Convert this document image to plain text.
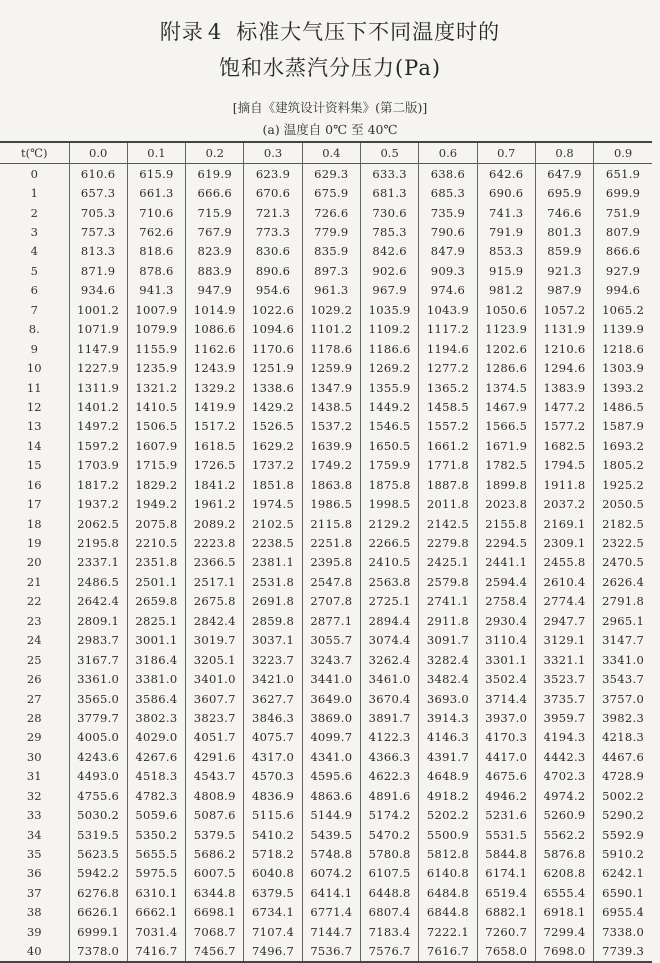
附录 4 标准大气压下不同温度时的
饱和水蒸汽分压力(Pa)
[摘自《建筑设计资料集》(第二版)]
(a) 温度自 0℃ 至 40℃
t(℃)	0.0	0.1	0.2	0.3	0.4	0.5	0.6	0.7	0.8	0.9
0	610.6	615.9	619.9	623.9	629.3	633.3	638.6	642.6	647.9	651.9
1	657.3	661.3	666.6	670.6	675.9	681.3	685.3	690.6	695.9	699.9
2	705.3	710.6	715.9	721.3	726.6	730.6	735.9	741.3	746.6	751.9
3	757.3	762.6	767.9	773.3	779.9	785.3	790.6	791.9	801.3	807.9
4	813.3	818.6	823.9	830.6	835.9	842.6	847.9	853.3	859.9	866.6
5	871.9	878.6	883.9	890.6	897.3	902.6	909.3	915.9	921.3	927.9
6	934.6	941.3	947.9	954.6	961.3	967.9	974.6	981.2	987.9	994.6
7	1001.2	1007.9	1014.9	1022.6	1029.2	1035.9	1043.9	1050.6	1057.2	1065.2
8.	1071.9	1079.9	1086.6	1094.6	1101.2	1109.2	1117.2	1123.9	1131.9	1139.9
9	1147.9	1155.9	1162.6	1170.6	1178.6	1186.6	1194.6	1202.6	1210.6	1218.6
10	1227.9	1235.9	1243.9	1251.9	1259.9	1269.2	1277.2	1286.6	1294.6	1303.9
11	1311.9	1321.2	1329.2	1338.6	1347.9	1355.9	1365.2	1374.5	1383.9	1393.2
12	1401.2	1410.5	1419.9	1429.2	1438.5	1449.2	1458.5	1467.9	1477.2	1486.5
13	1497.2	1506.5	1517.2	1526.5	1537.2	1546.5	1557.2	1566.5	1577.2	1587.9
14	1597.2	1607.9	1618.5	1629.2	1639.9	1650.5	1661.2	1671.9	1682.5	1693.2
15	1703.9	1715.9	1726.5	1737.2	1749.2	1759.9	1771.8	1782.5	1794.5	1805.2
16	1817.2	1829.2	1841.2	1851.8	1863.8	1875.8	1887.8	1899.8	1911.8	1925.2
17	1937.2	1949.2	1961.2	1974.5	1986.5	1998.5	2011.8	2023.8	2037.2	2050.5
18	2062.5	2075.8	2089.2	2102.5	2115.8	2129.2	2142.5	2155.8	2169.1	2182.5
19	2195.8	2210.5	2223.8	2238.5	2251.8	2266.5	2279.8	2294.5	2309.1	2322.5
20	2337.1	2351.8	2366.5	2381.1	2395.8	2410.5	2425.1	2441.1	2455.8	2470.5
21	2486.5	2501.1	2517.1	2531.8	2547.8	2563.8	2579.8	2594.4	2610.4	2626.4
22	2642.4	2659.8	2675.8	2691.8	2707.8	2725.1	2741.1	2758.4	2774.4	2791.8
23	2809.1	2825.1	2842.4	2859.8	2877.1	2894.4	2911.8	2930.4	2947.7	2965.1
24	2983.7	3001.1	3019.7	3037.1	3055.7	3074.4	3091.7	3110.4	3129.1	3147.7
25	3167.7	3186.4	3205.1	3223.7	3243.7	3262.4	3282.4	3301.1	3321.1	3341.0
26	3361.0	3381.0	3401.0	3421.0	3441.0	3461.0	3482.4	3502.4	3523.7	3543.7
27	3565.0	3586.4	3607.7	3627.7	3649.0	3670.4	3693.0	3714.4	3735.7	3757.0
28	3779.7	3802.3	3823.7	3846.3	3869.0	3891.7	3914.3	3937.0	3959.7	3982.3
29	4005.0	4029.0	4051.7	4075.7	4099.7	4122.3	4146.3	4170.3	4194.3	4218.3
30	4243.6	4267.6	4291.6	4317.0	4341.0	4366.3	4391.7	4417.0	4442.3	4467.6
31	4493.0	4518.3	4543.7	4570.3	4595.6	4622.3	4648.9	4675.6	4702.3	4728.9
32	4755.6	4782.3	4808.9	4836.9	4863.6	4891.6	4918.2	4946.2	4974.2	5002.2
33	5030.2	5059.6	5087.6	5115.6	5144.9	5174.2	5202.2	5231.6	5260.9	5290.2
34	5319.5	5350.2	5379.5	5410.2	5439.5	5470.2	5500.9	5531.5	5562.2	5592.9
35	5623.5	5655.5	5686.2	5718.2	5748.8	5780.8	5812.8	5844.8	5876.8	5910.2
36	5942.2	5975.5	6007.5	6040.8	6074.2	6107.5	6140.8	6174.1	6208.8	6242.1
37	6276.8	6310.1	6344.8	6379.5	6414.1	6448.8	6484.8	6519.4	6555.4	6590.1
38	6626.1	6662.1	6698.1	6734.1	6771.4	6807.4	6844.8	6882.1	6918.1	6955.4
39	6999.1	7031.4	7068.7	7107.4	7144.7	7183.4	7222.1	7260.7	7299.4	7338.0
40	7378.0	7416.7	7456.7	7496.7	7536.7	7576.7	7616.7	7658.0	7698.0	7739.3
